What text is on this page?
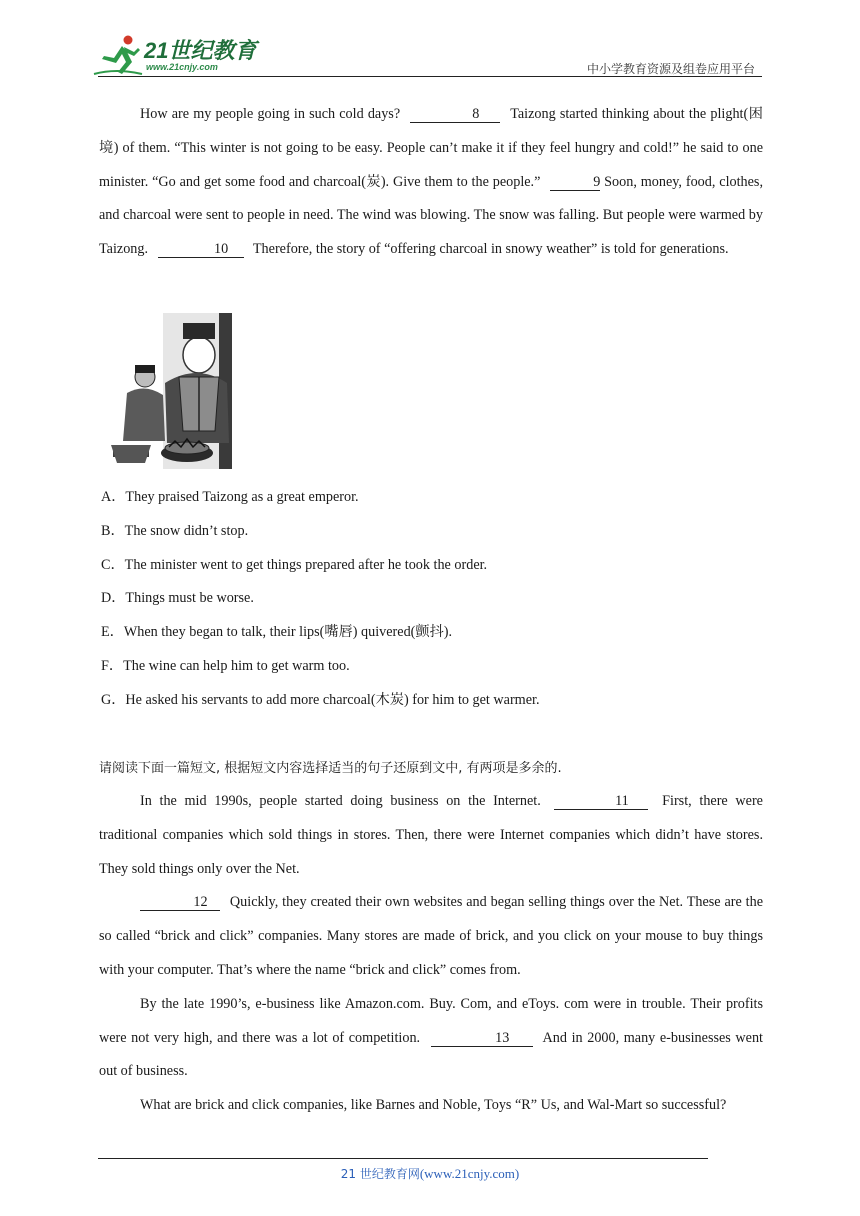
21世纪教育
www.21cnjy.com	中小学教育资源及组卷应用平台

How are my people going in such cold days?	8 Taizong started thinking about the plight(困境) of them. “This winter is not going to be easy. People can’t make it if they feel hungry and cold!” he said to one minister. “Go and get some food and charcoal(炭). Give them to the people.”	9 Soon, money, food, clothes, and charcoal were sent to people in need. The wind was blowing. The snow was falling. But people were warmed by Taizong.	10 Therefore, the story of “offering charcoal in snowy weather” is told for generations.

A．They praised Taizong as a great emperor.

B．The snow didn’t stop.

C．The minister went to get things prepared after he took the order.

D．Things must be worse.

E．When they began to talk, their lips(嘴唇) quivered(颤抖).

F．The wine can help him to get warm too.

G．He asked his servants to add more charcoal(木炭) for him to get warmer.

请阅读下面一篇短文, 根据短文内容选择适当的句子还原到文中, 有两项是多余的.

In the mid 1990s, people started doing business on the Internet.	11 First, there were traditional companies which sold things in stores. Then, there were Internet companies which didn’t have stores. They sold things only over the Net.

12 Quickly, they created their own websites and began selling things over the Net. These are the so called “brick and click” companies. Many stores are made of brick, and you click on your mouse to buy things with your computer. That’s where the name “brick and click” comes from.

By the late 1990’s, e-business like Amazon.com. Buy. Com, and eToys. com were in trouble. Their profits were not very high, and there was a lot of competition.	13 And in 2000, many e-businesses went out of business.

What are brick and click companies, like Barnes and Noble, Toys “R” Us, and Wal-Mart so successful?

21 世纪教育网(www.21cnjy.com)
